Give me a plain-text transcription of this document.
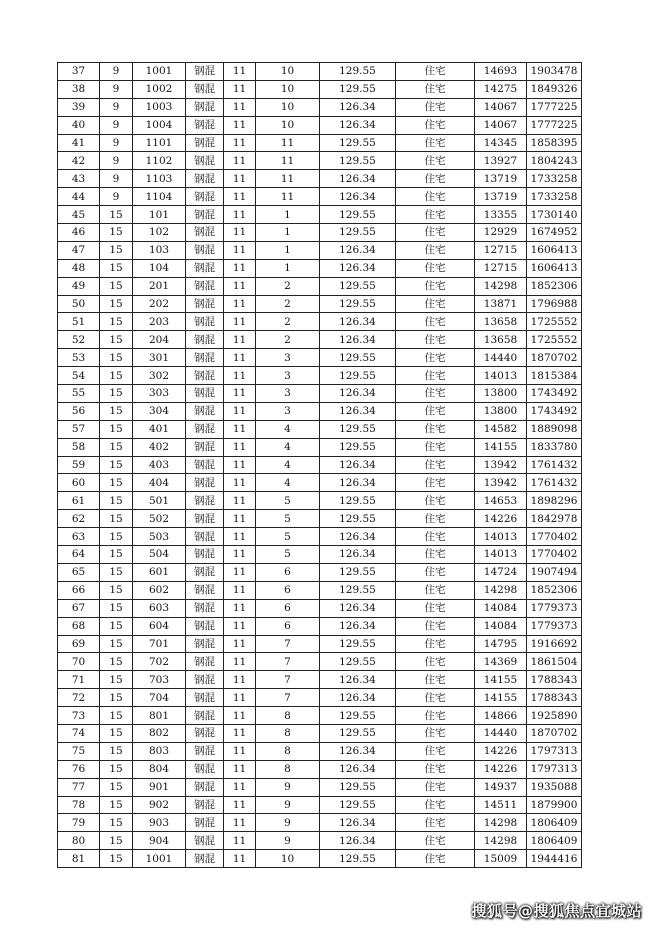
37	9	1001	钢混	11	10	129.55	住宅	14693	1903478
38	9	1002	钢混	11	10	129.55	住宅	14275	1849326
39	9	1003	钢混	11	10	126.34	住宅	14067	1777225
40	9	1004	钢混	11	10	126.34	住宅	14067	1777225
41	9	1101	钢混	11	11	129.55	住宅	14345	1858395
42	9	1102	钢混	11	11	129.55	住宅	13927	1804243
43	9	1103	钢混	11	11	126.34	住宅	13719	1733258
44	9	1104	钢混	11	11	126.34	住宅	13719	1733258
45	15	101	钢混	11	1	129.55	住宅	13355	1730140
46	15	102	钢混	11	1	129.55	住宅	12929	1674952
47	15	103	钢混	11	1	126.34	住宅	12715	1606413
48	15	104	钢混	11	1	126.34	住宅	12715	1606413
49	15	201	钢混	11	2	129.55	住宅	14298	1852306
50	15	202	钢混	11	2	129.55	住宅	13871	1796988
51	15	203	钢混	11	2	126.34	住宅	13658	1725552
52	15	204	钢混	11	2	126.34	住宅	13658	1725552
53	15	301	钢混	11	3	129.55	住宅	14440	1870702
54	15	302	钢混	11	3	129.55	住宅	14013	1815384
55	15	303	钢混	11	3	126.34	住宅	13800	1743492
56	15	304	钢混	11	3	126.34	住宅	13800	1743492
57	15	401	钢混	11	4	129.55	住宅	14582	1889098
58	15	402	钢混	11	4	129.55	住宅	14155	1833780
59	15	403	钢混	11	4	126.34	住宅	13942	1761432
60	15	404	钢混	11	4	126.34	住宅	13942	1761432
61	15	501	钢混	11	5	129.55	住宅	14653	1898296
62	15	502	钢混	11	5	129.55	住宅	14226	1842978
63	15	503	钢混	11	5	126.34	住宅	14013	1770402
64	15	504	钢混	11	5	126.34	住宅	14013	1770402
65	15	601	钢混	11	6	129.55	住宅	14724	1907494
66	15	602	钢混	11	6	129.55	住宅	14298	1852306
67	15	603	钢混	11	6	126.34	住宅	14084	1779373
68	15	604	钢混	11	6	126.34	住宅	14084	1779373
69	15	701	钢混	11	7	129.55	住宅	14795	1916692
70	15	702	钢混	11	7	129.55	住宅	14369	1861504
71	15	703	钢混	11	7	126.34	住宅	14155	1788343
72	15	704	钢混	11	7	126.34	住宅	14155	1788343
73	15	801	钢混	11	8	129.55	住宅	14866	1925890
74	15	802	钢混	11	8	129.55	住宅	14440	1870702
75	15	803	钢混	11	8	126.34	住宅	14226	1797313
76	15	804	钢混	11	8	126.34	住宅	14226	1797313
77	15	901	钢混	11	9	129.55	住宅	14937	1935088
78	15	902	钢混	11	9	129.55	住宅	14511	1879900
79	15	903	钢混	11	9	126.34	住宅	14298	1806409
80	15	904	钢混	11	9	126.34	住宅	14298	1806409
81	15	1001	钢混	11	10	129.55	住宅	15009	1944416
搜狐号@搜狐焦点宜城站
